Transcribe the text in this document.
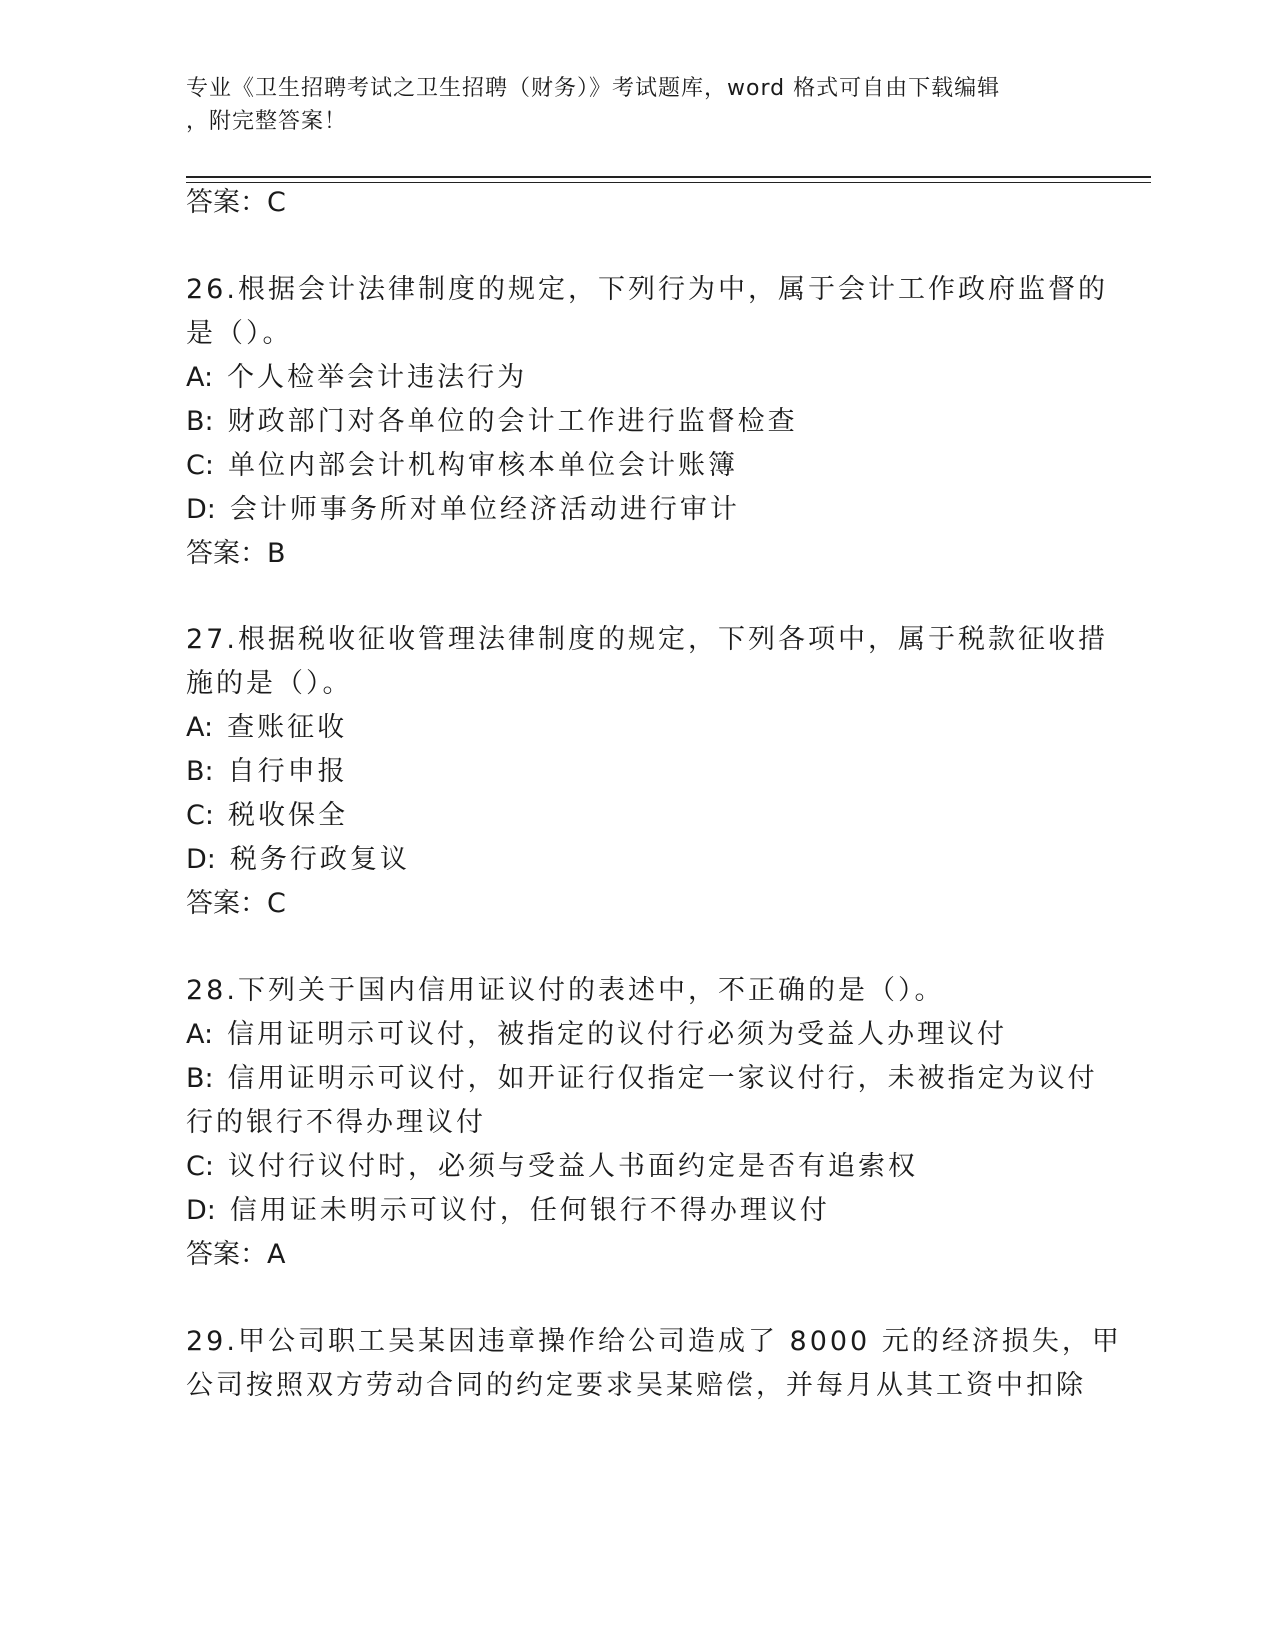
专业《卫生招聘考试之卫生招聘（财务）》考试题库，word 格式可自由下载编辑
，附完整答案！
答案：C
26.根据会计法律制度的规定，下列行为中，属于会计工作政府监督的
是（）。
A: 个人检举会计违法行为
B: 财政部门对各单位的会计工作进行监督检查
C: 单位内部会计机构审核本单位会计账簿
D: 会计师事务所对单位经济活动进行审计
答案：B
27.根据税收征收管理法律制度的规定，下列各项中，属于税款征收措
施的是（）。
A: 查账征收
B: 自行申报
C: 税收保全
D: 税务行政复议
答案：C
28.下列关于国内信用证议付的表述中，不正确的是（）。
A: 信用证明示可议付，被指定的议付行必须为受益人办理议付
B: 信用证明示可议付，如开证行仅指定一家议付行，未被指定为议付
行的银行不得办理议付
C: 议付行议付时，必须与受益人书面约定是否有追索权
D: 信用证未明示可议付，任何银行不得办理议付
答案：A
29.甲公司职工吴某因违章操作给公司造成了 8000 元的经济损失，甲
公司按照双方劳动合同的约定要求吴某赔偿，并每月从其工资中扣除
